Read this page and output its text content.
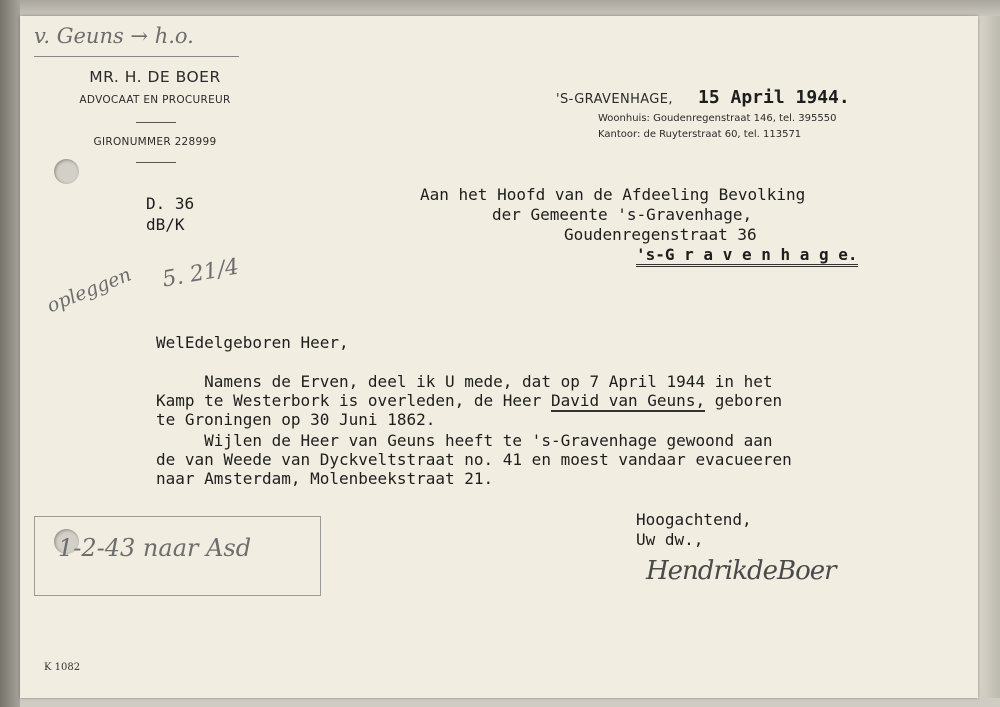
v. Geuns → h.o.
MR. H. DE BOER
ADVOCAAT EN PROCUREUR
GIRONUMMER 228999
'S-GRAVENHAGE, 15 April 1944.
Woonhuis: Goudenregenstraat 146, tel. 395550
Kantoor: de Ruyterstraat 60, tel. 113571
D. 36
dB/K
Aan het Hoofd van de Afdeeling Bevolking
der Gemeente 's-Gravenhage,
Goudenregenstraat 36
's-G r a v e n h a g e.
opleggen 5. 21/4
WelEdelgeboren Heer,
Namens de Erven, deel ik U mede, dat op 7 April 1944 in het
Kamp te Westerbork is overleden, de Heer David van Geuns, geboren
te Groningen op 30 Juni 1862.
Wijlen de Heer van Geuns heeft te 's-Gravenhage gewoond aan
de van Weede van Dyckveltstraat no. 41 en moest vandaar evacueeren
naar Amsterdam, Molenbeekstraat 21.
Hoogachtend,
Uw dw.,
HendrikdeBoer
1-2-43 naar Asd
K 1082
